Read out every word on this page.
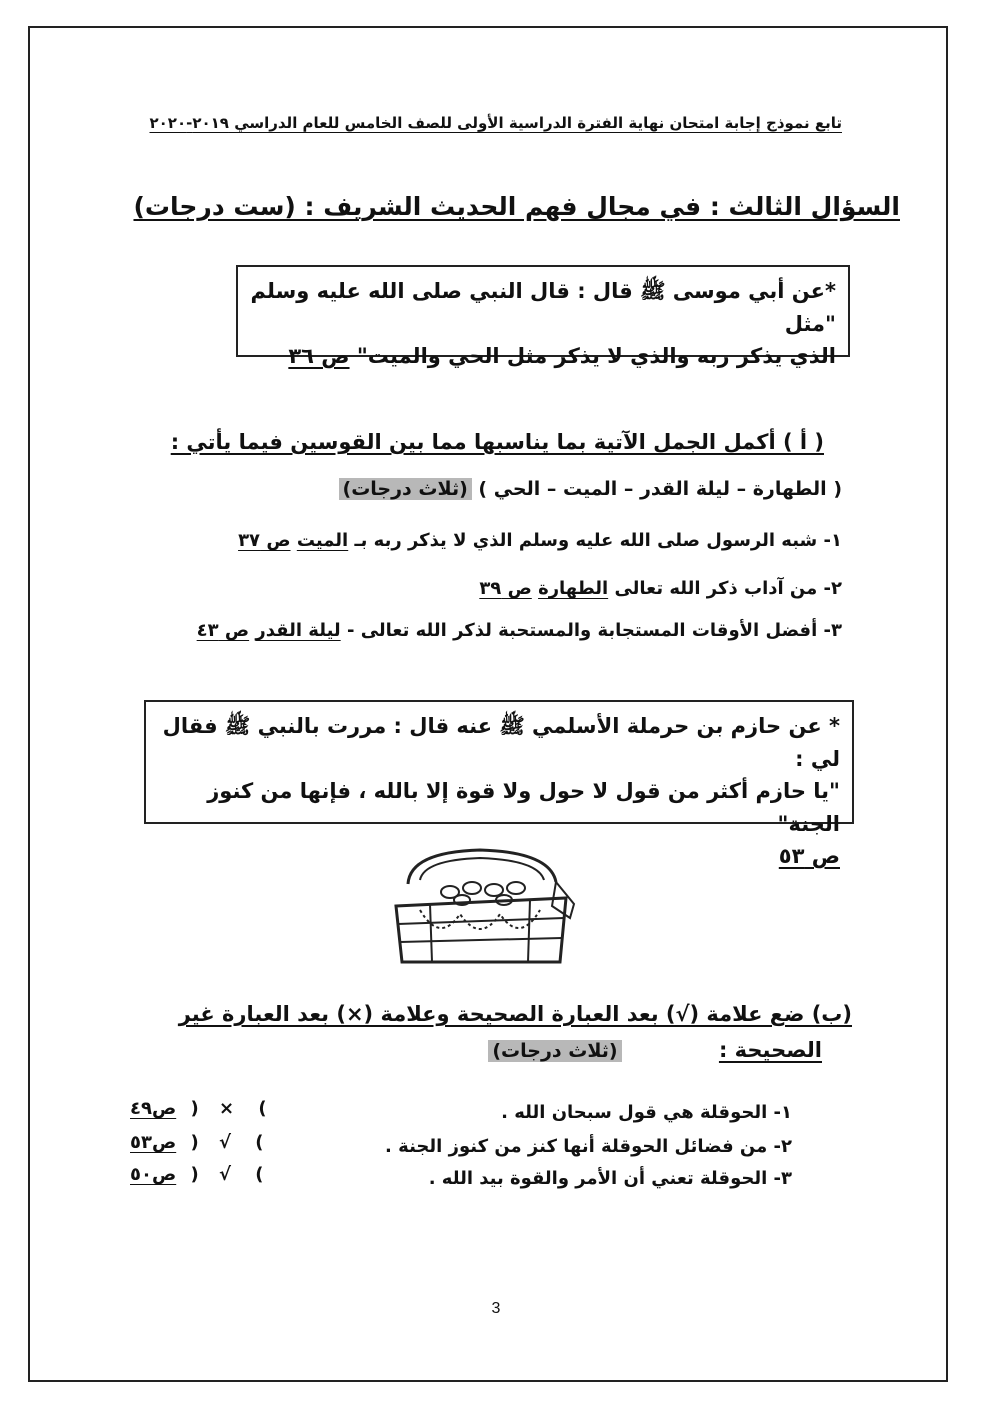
تابع نموذج إجابة امتحان نهاية الفترة الدراسية الأولى للصف الخامس للعام الدراسي ٢٠١٩-٢٠٢٠
السؤال الثالث : في مجال فهم الحديث الشريف : (ست درجات)
*عن أبي موسى ﷺ قال : قال النبي صلى الله عليه وسلم "مثل
الذي يذكر ربه والذي لا يذكر مثل الحي والميت" ص ٣٦
( أ ) أكمل الجمل الآتية بما يناسبها مما بين القوسين فيما يأتي :
( الطهارة – ليلة القدر – الميت – الحي ) (ثلاث درجات)
١- شبه الرسول صلى الله عليه وسلم الذي لا يذكر ربه بـ الميت ص ٣٧
٢- من آداب ذكر الله تعالى الطهارة ص ٣٩
٣- أفضل الأوقات المستجابة والمستحبة لذكر الله تعالى - ليلة القدر ص ٤٣
* عن حازم بن حرملة الأسلمي ﷺ عنه قال : مررت بالنبي ﷺ فقال لي :
"يا حازم أكثر من قول لا حول ولا قوة إلا بالله ، فإنها من كنوز الجنة"
ص ٥٣
(ب) ضع علامة (√) بعد العبارة الصحيحة وعلامة (×) بعد العبارة غير
الصحيحة : (ثلاث درجات)
١- الحوقلة هي قول سبحان الله .
ص٤٩ ) × (
٢- من فضائل الحوقلة أنها كنز من كنوز الجنة .
ص٥٣ ) √ (
٣- الحوقلة تعني أن الأمر والقوة بيد الله .
ص٥٠ ) √ (
3
